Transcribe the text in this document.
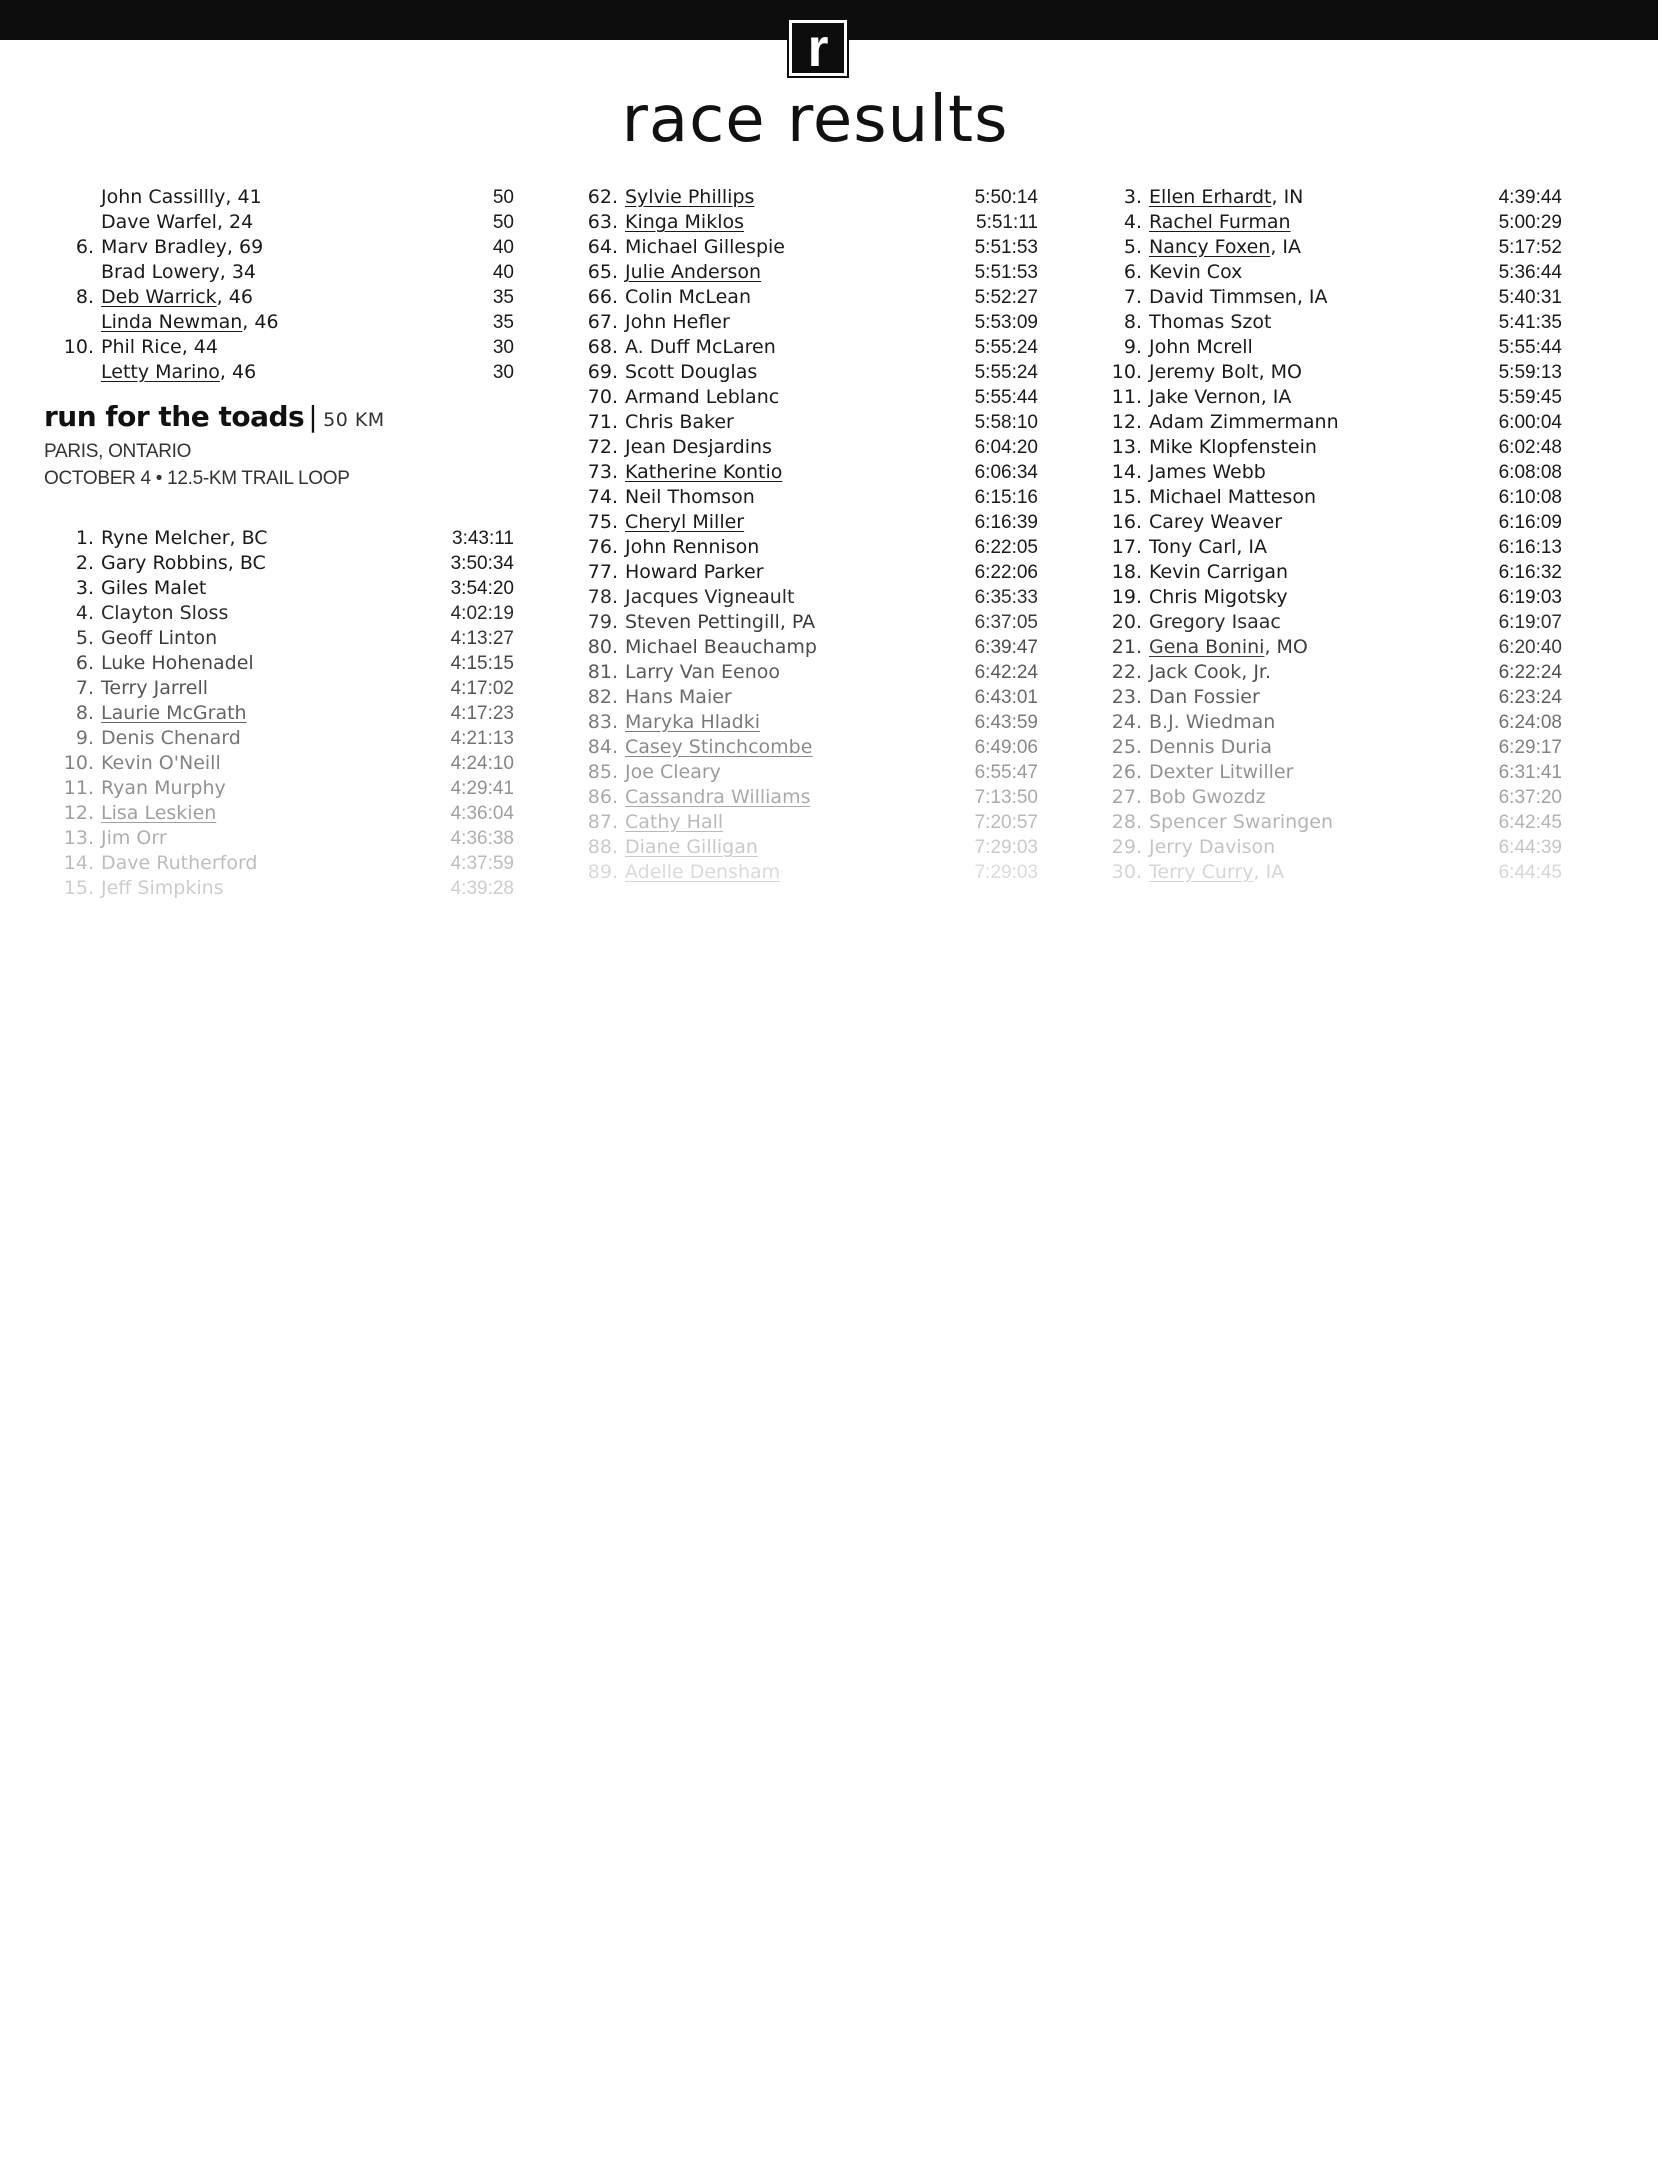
r
race results
John Cassillly, 41	50
Dave Warfel, 24	50
6. Marv Bradley, 69	40
Brad Lowery, 34	40
8. Deb Warrick, 46	35
Linda Newman, 46	35
10. Phil Rice, 44	30
Letty Marino, 46	30
run for the toads | 50 KM
PARIS, ONTARIO
OCTOBER 4 • 12.5-KM TRAIL LOOP
1. Ryne Melcher, BC	3:43:11
2. Gary Robbins, BC	3:50:34
3. Giles Malet	3:54:20
4. Clayton Sloss	4:02:19
5. Geoff Linton	4:13:27
6. Luke Hohenadel	4:15:15
7. Terry Jarrell	4:17:02
8. Laurie McGrath	4:17:23
9. Denis Chenard	4:21:13
10. Kevin O'Neill	4:24:10
11. Ryan Murphy	4:29:41
12. Lisa Leskien	4:36:04
13. Jim Orr	4:36:38
14. Dave Rutherford	4:37:59
15. Jeff Simpkins	4:39:28
62. Sylvie Phillips	5:50:14
63. Kinga Miklos	5:51:11
64. Michael Gillespie	5:51:53
65. Julie Anderson	5:51:53
66. Colin McLean	5:52:27
67. John Hefler	5:53:09
68. A. Duff McLaren	5:55:24
69. Scott Douglas	5:55:24
70. Armand Leblanc	5:55:44
71. Chris Baker	5:58:10
72. Jean Desjardins	6:04:20
73. Katherine Kontio	6:06:34
74. Neil Thomson	6:15:16
75. Cheryl Miller	6:16:39
76. John Rennison	6:22:05
77. Howard Parker	6:22:06
78. Jacques Vigneault	6:35:33
79. Steven Pettingill, PA	6:37:05
80. Michael Beauchamp	6:39:47
81. Larry Van Eenoo	6:42:24
82. Hans Maier	6:43:01
83. Maryka Hladki	6:43:59
84. Casey Stinchcombe	6:49:06
85. Joe Cleary	6:55:47
86. Cassandra Williams	7:13:50
87. Cathy Hall	7:20:57
88. Diane Gilligan	7:29:03
89. Adelle Densham	7:29:03
3. Ellen Erhardt, IN	4:39:44
4. Rachel Furman	5:00:29
5. Nancy Foxen, IA	5:17:52
6. Kevin Cox	5:36:44
7. David Timmsen, IA	5:40:31
8. Thomas Szot	5:41:35
9. John Mcrell	5:55:44
10. Jeremy Bolt, MO	5:59:13
11. Jake Vernon, IA	5:59:45
12. Adam Zimmermann	6:00:04
13. Mike Klopfenstein	6:02:48
14. James Webb	6:08:08
15. Michael Matteson	6:10:08
16. Carey Weaver	6:16:09
17. Tony Carl, IA	6:16:13
18. Kevin Carrigan	6:16:32
19. Chris Migotsky	6:19:03
20. Gregory Isaac	6:19:07
21. Gena Bonini, MO	6:20:40
22. Jack Cook, Jr.	6:22:24
23. Dan Fossier	6:23:24
24. B.J. Wiedman	6:24:08
25. Dennis Duria	6:29:17
26. Dexter Litwiller	6:31:41
27. Bob Gwozdz	6:37:20
28. Spencer Swaringen	6:42:45
29. Jerry Davison	6:44:39
30. Terry Curry, IA	6:44:45
